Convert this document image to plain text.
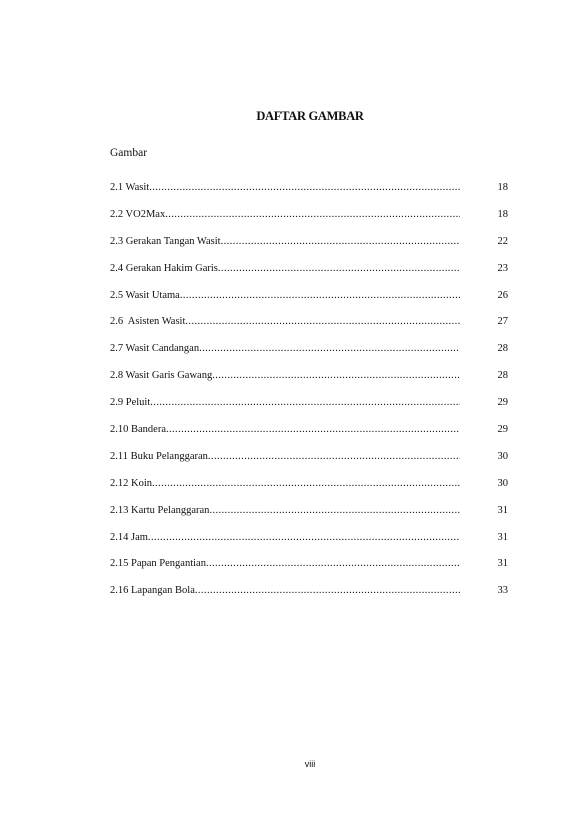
DAFTAR GAMBAR
Gambar
2.1 Wasit .....	18
2.2 VO2Max .....	18
2.3 Gerakan Tangan Wasit .....	22
2.4 Gerakan Hakim Garis .....	23
2.5 Wasit Utama .....	26
2.6  Asisten Wasit .....	27
2.7 Wasit Candangan .....	28
2.8 Wasit Garis Gawang .....	28
2.9 Peluit .....	29
2.10 Bandera .....	29
2.11 Buku Pelanggaran .....	30
2.12 Koin .....	30
2.13 Kartu Pelanggaran .....	31
2.14 Jam .....	31
2.15 Papan Pengantian .....	31
2.16 Lapangan Bola .....	33
viii
